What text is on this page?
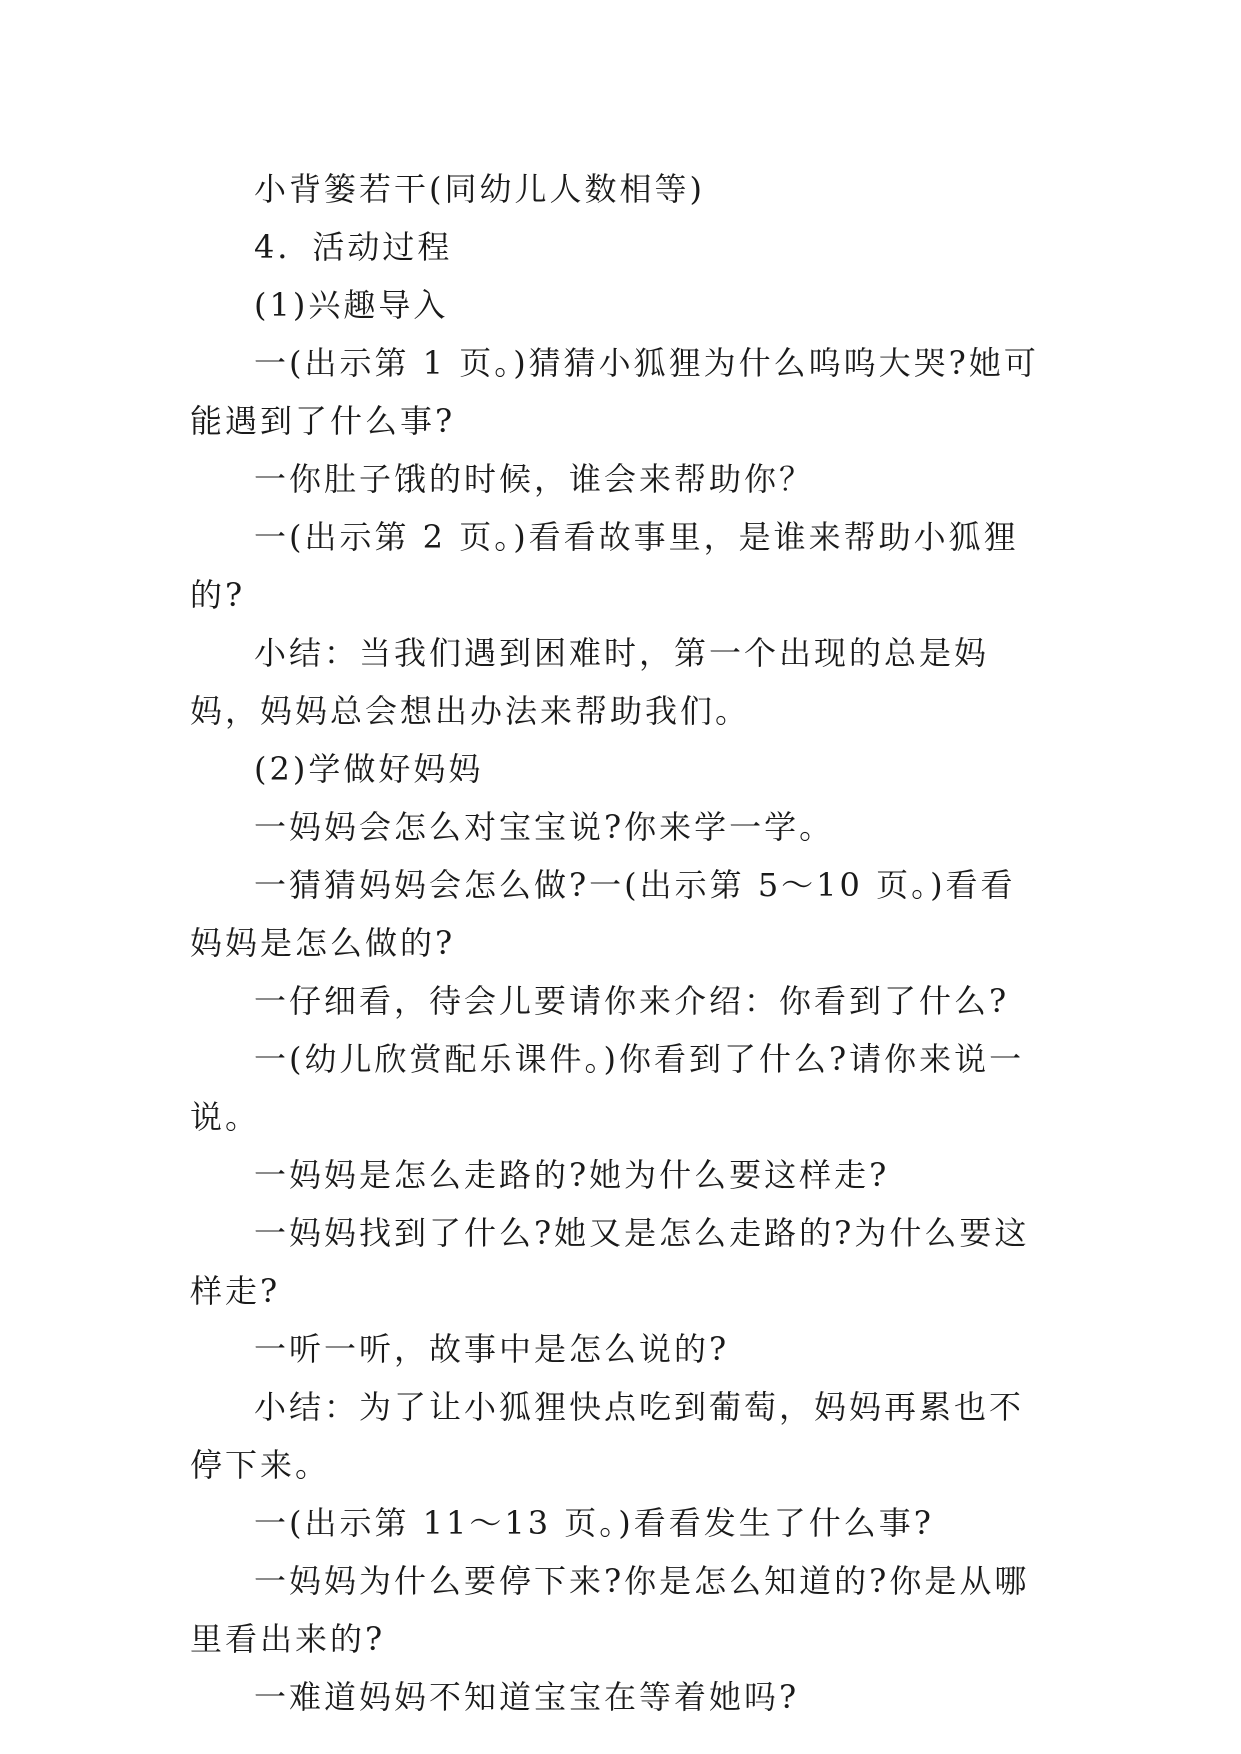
小背篓若干(同幼儿人数相等)

4．活动过程

(1)兴趣导入

一(出示第 1 页。)猜猜小狐狸为什么呜呜大哭?她可能遇到了什么事?

一你肚子饿的时候，谁会来帮助你？

一(出示第 2 页。)看看故事里，是谁来帮助小狐狸的?

小结：当我们遇到困难时，第一个出现的总是妈妈，妈妈总会想出办法来帮助我们。

(2)学做好妈妈

一妈妈会怎么对宝宝说?你来学一学。

一猜猜妈妈会怎么做?一(出示第 5～10 页。)看看妈妈是怎么做的?

一仔细看，待会儿要请你来介绍：你看到了什么?

一(幼儿欣赏配乐课件。)你看到了什么?请你来说一说。

一妈妈是怎么走路的?她为什么要这样走?

一妈妈找到了什么?她又是怎么走路的?为什么要这样走?

一听一听，故事中是怎么说的?

小结：为了让小狐狸快点吃到葡萄，妈妈再累也不停下来。

一(出示第 11～13 页。)看看发生了什么事?

一妈妈为什么要停下来?你是怎么知道的?你是从哪里看出来的?

一难道妈妈不知道宝宝在等着她吗?
